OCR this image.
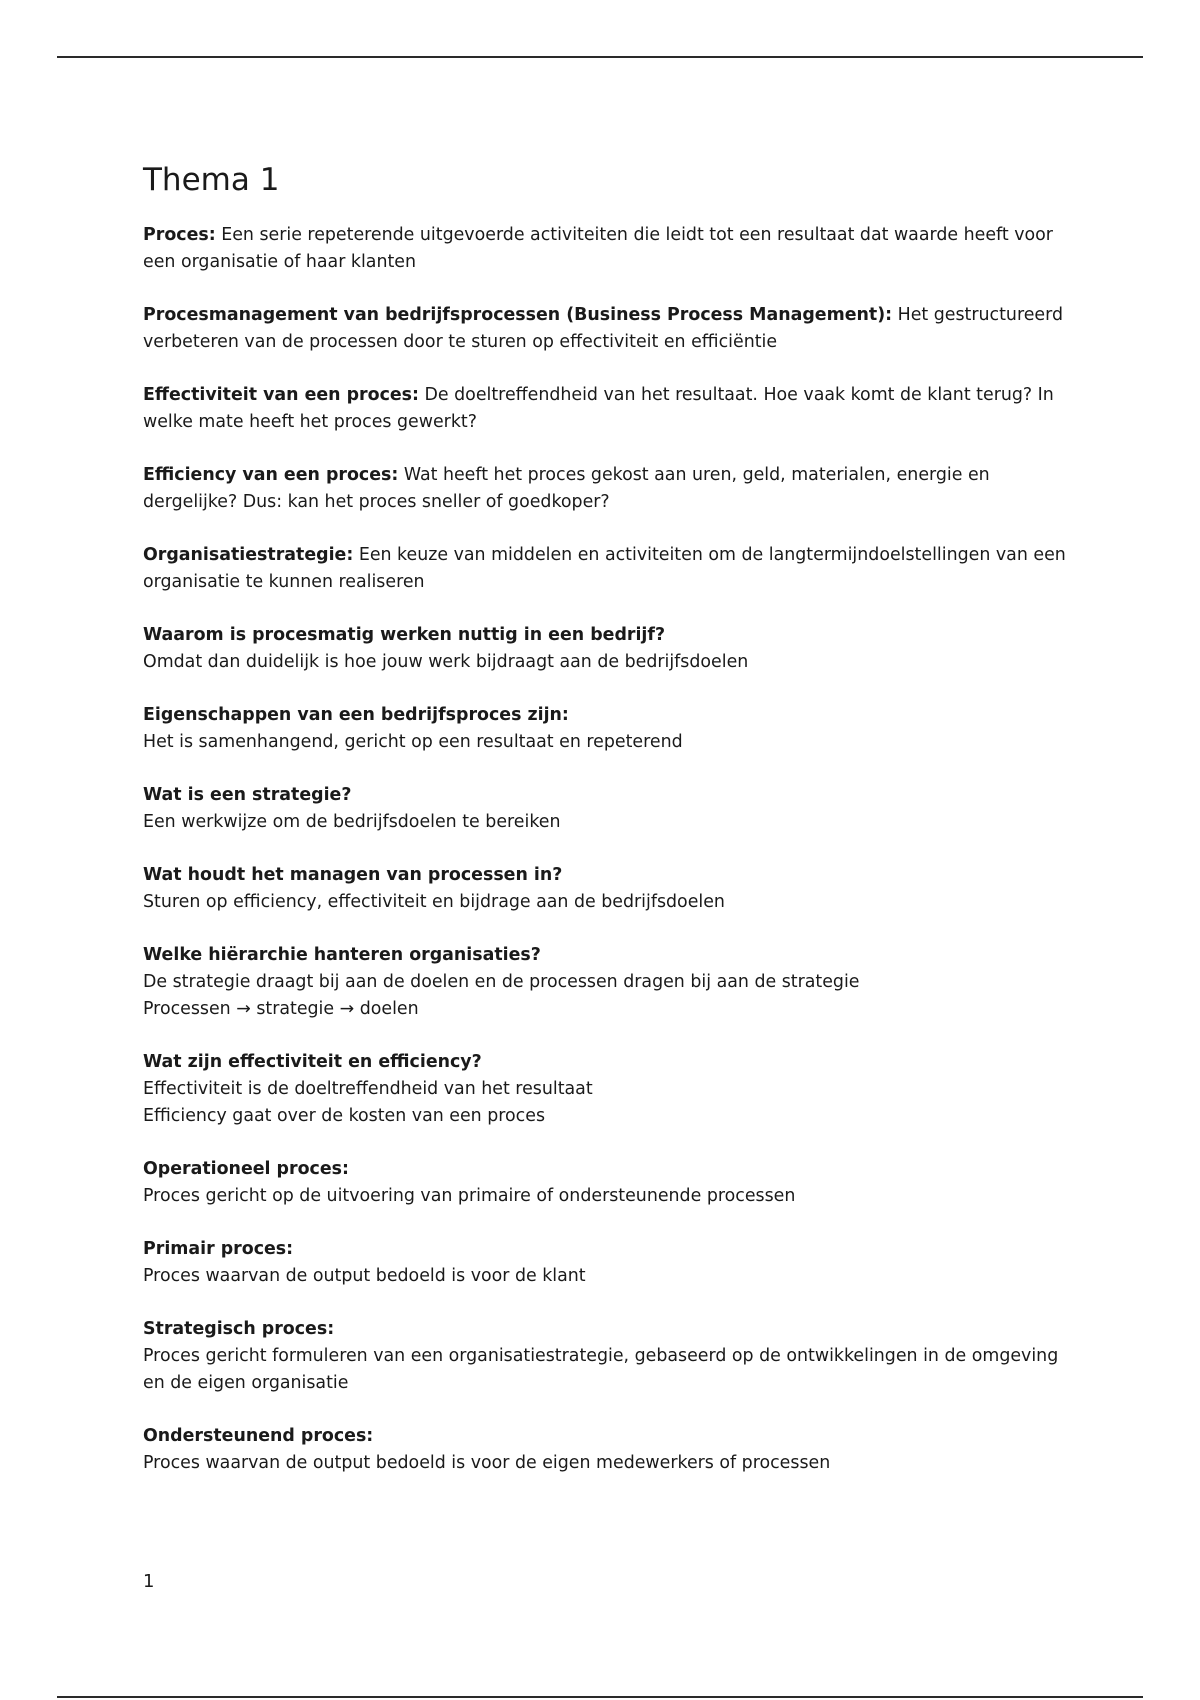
Thema 1

Proces: Een serie repeterende uitgevoerde activiteiten die leidt tot een resultaat dat waarde heeft voor een organisatie of haar klanten

Procesmanagement van bedrijfsprocessen (Business Process Management): Het gestructureerd verbeteren van de processen door te sturen op effectiviteit en efficiëntie

Effectiviteit van een proces: De doeltreffendheid van het resultaat. Hoe vaak komt de klant terug? In welke mate heeft het proces gewerkt?

Efficiency van een proces: Wat heeft het proces gekost aan uren, geld, materialen, energie en dergelijke? Dus: kan het proces sneller of goedkoper?

Organisatiestrategie: Een keuze van middelen en activiteiten om de langtermijndoelstellingen van een organisatie te kunnen realiseren

Waarom is procesmatig werken nuttig in een bedrijf?
Omdat dan duidelijk is hoe jouw werk bijdraagt aan de bedrijfsdoelen

Eigenschappen van een bedrijfsproces zijn:
Het is samenhangend, gericht op een resultaat en repeterend

Wat is een strategie?
Een werkwijze om de bedrijfsdoelen te bereiken

Wat houdt het managen van processen in?
Sturen op efficiency, effectiviteit en bijdrage aan de bedrijfsdoelen

Welke hiërarchie hanteren organisaties?
De strategie draagt bij aan de doelen en de processen dragen bij aan de strategie
Processen → strategie → doelen

Wat zijn effectiviteit en efficiency?
Effectiviteit is de doeltreffendheid van het resultaat
Efficiency gaat over de kosten van een proces

Operationeel proces:
Proces gericht op de uitvoering van primaire of ondersteunende processen

Primair proces:
Proces waarvan de output bedoeld is voor de klant

Strategisch proces:
Proces gericht formuleren van een organisatiestrategie, gebaseerd op de ontwikkelingen in de omgeving en de eigen organisatie

Ondersteunend proces:
Proces waarvan de output bedoeld is voor de eigen medewerkers of processen

1
